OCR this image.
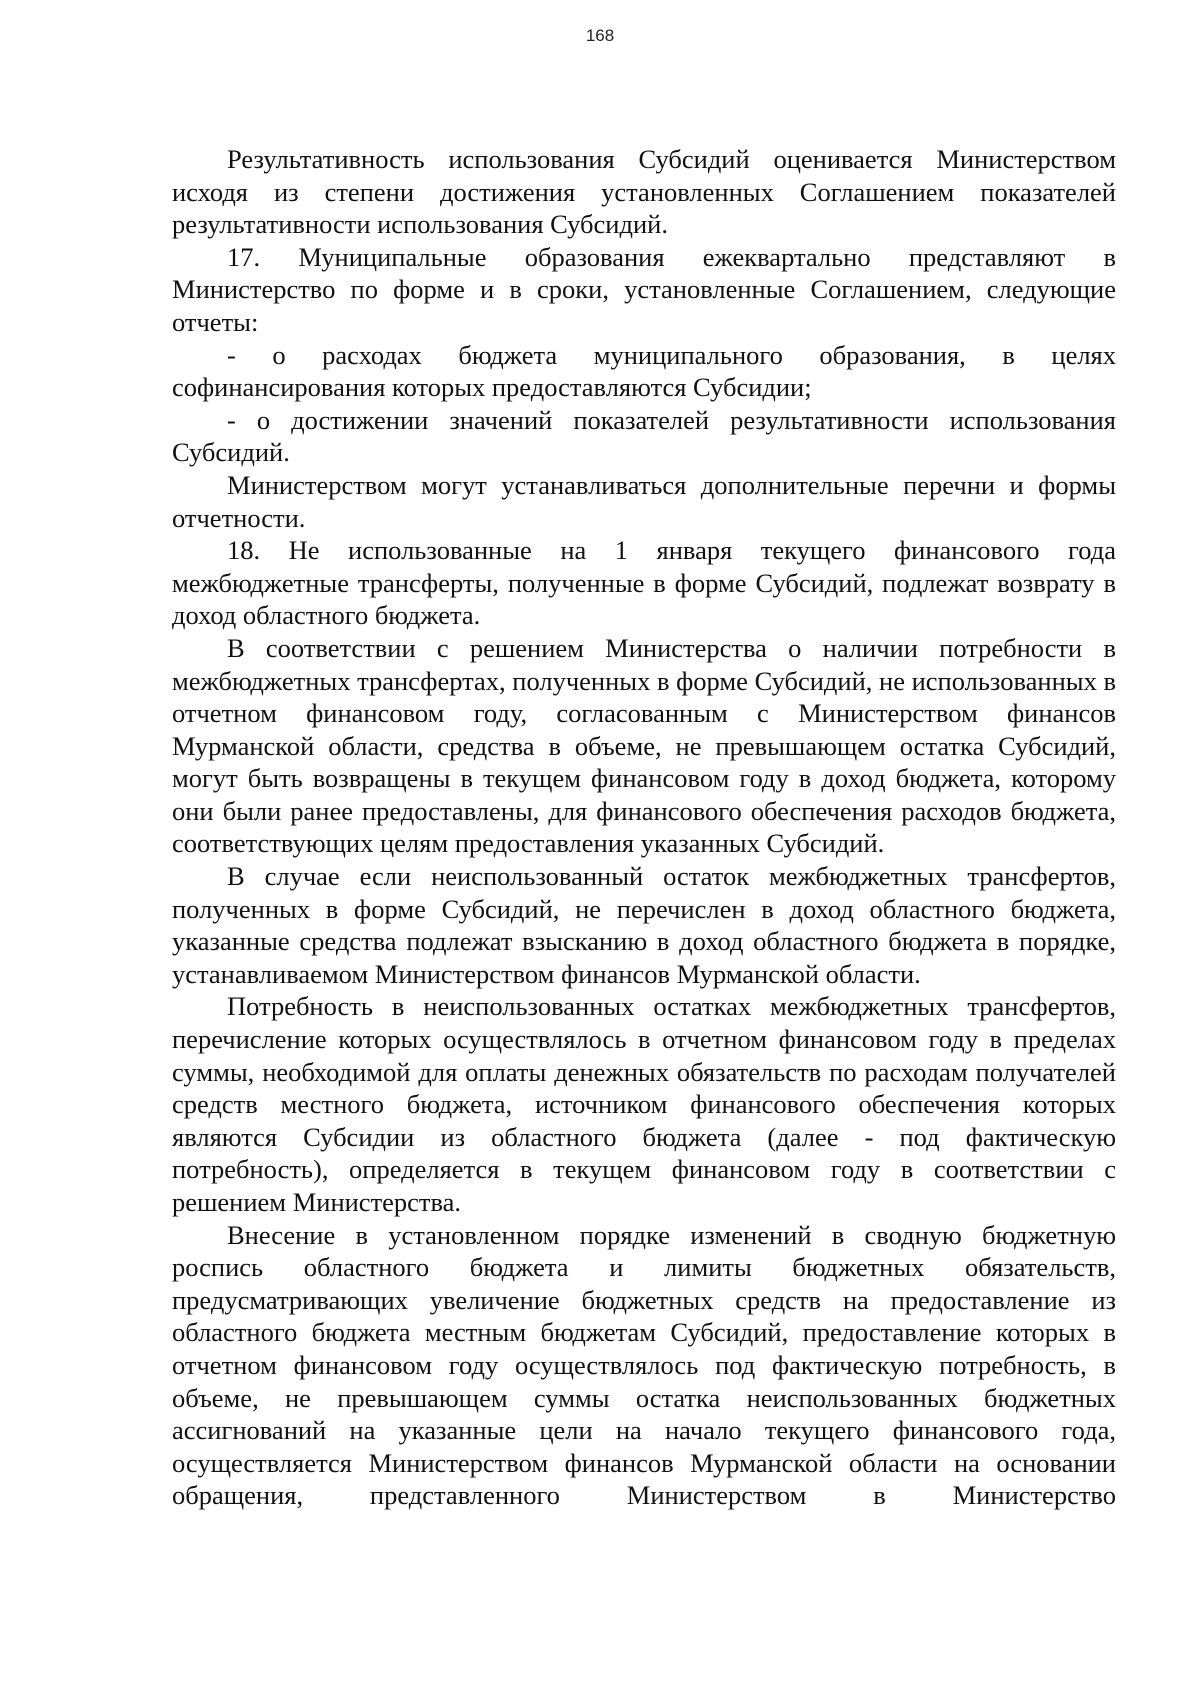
168

Результативность использования Субсидий оценивается Министерством исходя из степени достижения установленных Соглашением показателей результативности использования Субсидий.

17. Муниципальные образования ежеквартально представляют в Министерство по форме и в сроки, установленные Соглашением, следующие отчеты:

- о расходах бюджета муниципального образования, в целях софинансирования которых предоставляются Субсидии;

- о достижении значений показателей результативности использования Субсидий.

Министерством могут устанавливаться дополнительные перечни и формы отчетности.

18. Не использованные на 1 января текущего финансового года межбюджетные трансферты, полученные в форме Субсидий, подлежат возврату в доход областного бюджета.

В соответствии с решением Министерства о наличии потребности в межбюджетных трансфертах, полученных в форме Субсидий, не использованных в отчетном финансовом году, согласованным с Министерством финансов Мурманской области, средства в объеме, не превышающем остатка Субсидий, могут быть возвращены в текущем финансовом году в доход бюджета, которому они были ранее предоставлены, для финансового обеспечения расходов бюджета, соответствующих целям предоставления указанных Субсидий.

В случае если неиспользованный остаток межбюджетных трансфертов, полученных в форме Субсидий, не перечислен в доход областного бюджета, указанные средства подлежат взысканию в доход областного бюджета в порядке, устанавливаемом Министерством финансов Мурманской области.

Потребность в неиспользованных остатках межбюджетных трансфертов, перечисление которых осуществлялось в отчетном финансовом году в пределах суммы, необходимой для оплаты денежных обязательств по расходам получателей средств местного бюджета, источником финансового обеспечения которых являются Субсидии из областного бюджета (далее - под фактическую потребность), определяется в текущем финансовом году в соответствии с решением Министерства.

Внесение в установленном порядке изменений в сводную бюджетную роспись областного бюджета и лимиты бюджетных обязательств, предусматривающих увеличение бюджетных средств на предоставление из областного бюджета местным бюджетам Субсидий, предоставление которых в отчетном финансовом году осуществлялось под фактическую потребность, в объеме, не превышающем суммы остатка неиспользованных бюджетных ассигнований на указанные цели на начало текущего финансового года, осуществляется Министерством финансов Мурманской области на основании обращения, представленного Министерством в Министерство
